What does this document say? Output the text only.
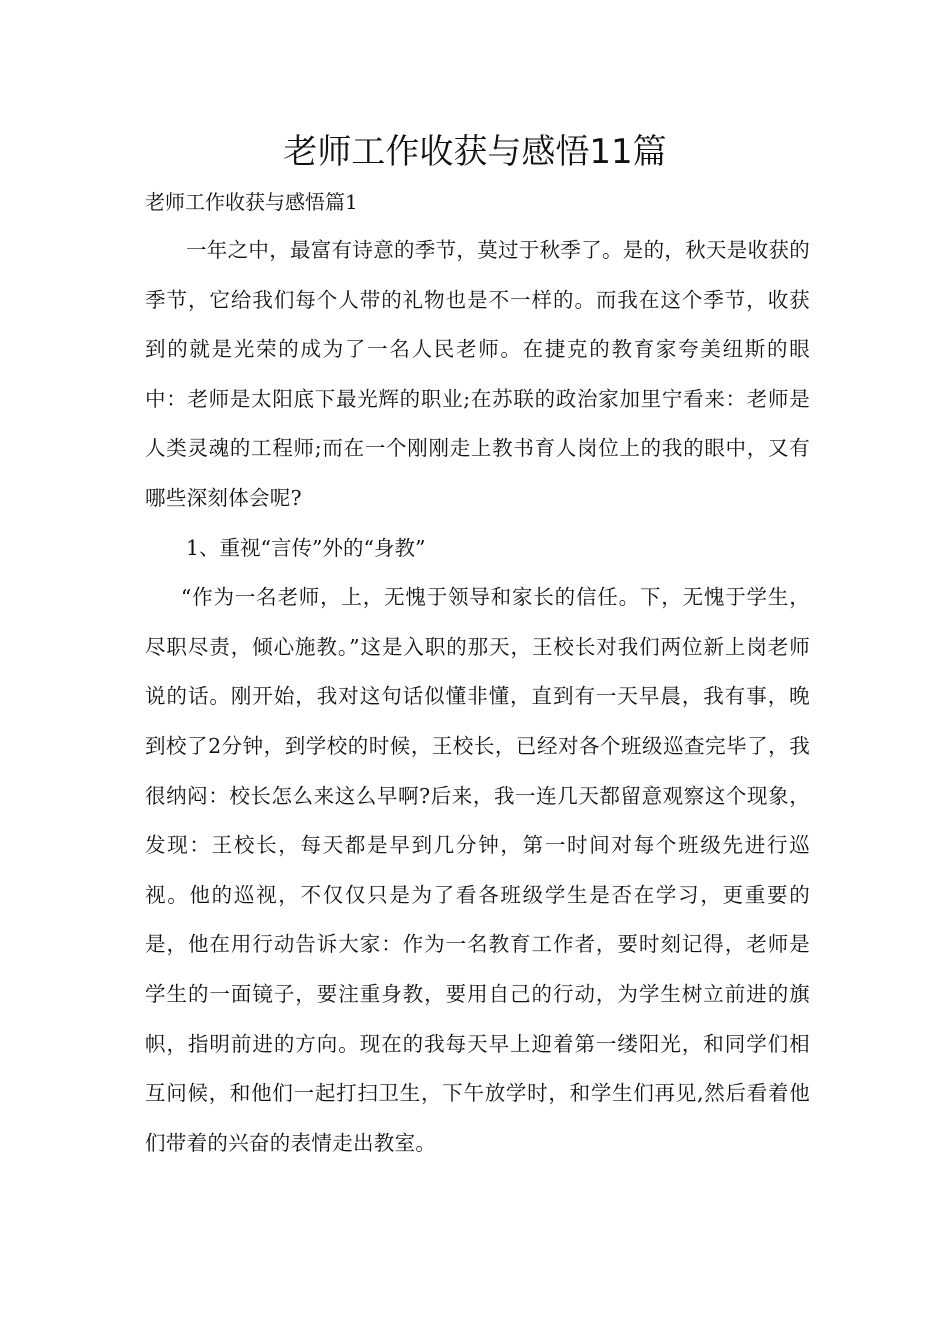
老师工作收获与感悟11篇
老师工作收获与感悟篇1

一年之中，最富有诗意的季节，莫过于秋季了。是的，秋天是收获的季节，它给我们每个人带的礼物也是不一样的。而我在这个季节，收获到的就是光荣的成为了一名人民老师。在捷克的教育家夸美纽斯的眼中：老师是太阳底下最光辉的职业;在苏联的政治家加里宁看来：老师是人类灵魂的工程师;而在一个刚刚走上教书育人岗位上的我的眼中，又有哪些深刻体会呢?

1、重视“言传”外的“身教”

“作为一名老师，上，无愧于领导和家长的信任。下，无愧于学生，尽职尽责，倾心施教。”这是入职的那天，王校长对我们两位新上岗老师说的话。刚开始，我对这句话似懂非懂，直到有一天早晨，我有事，晚到校了2分钟，到学校的时候，王校长，已经对各个班级巡查完毕了，我很纳闷：校长怎么来这么早啊?后来，我一连几天都留意观察这个现象，发现：王校长，每天都是早到几分钟，第一时间对每个班级先进行巡视。他的巡视，不仅仅只是为了看各班级学生是否在学习，更重要的是，他在用行动告诉大家：作为一名教育工作者，要时刻记得，老师是学生的一面镜子，要注重身教，要用自己的行动，为学生树立前进的旗帜，指明前进的方向。现在的我每天早上迎着第一缕阳光，和同学们相互问候，和他们一起打扫卫生，下午放学时，和学生们再见,然后看着他们带着的兴奋的表情走出教室。
